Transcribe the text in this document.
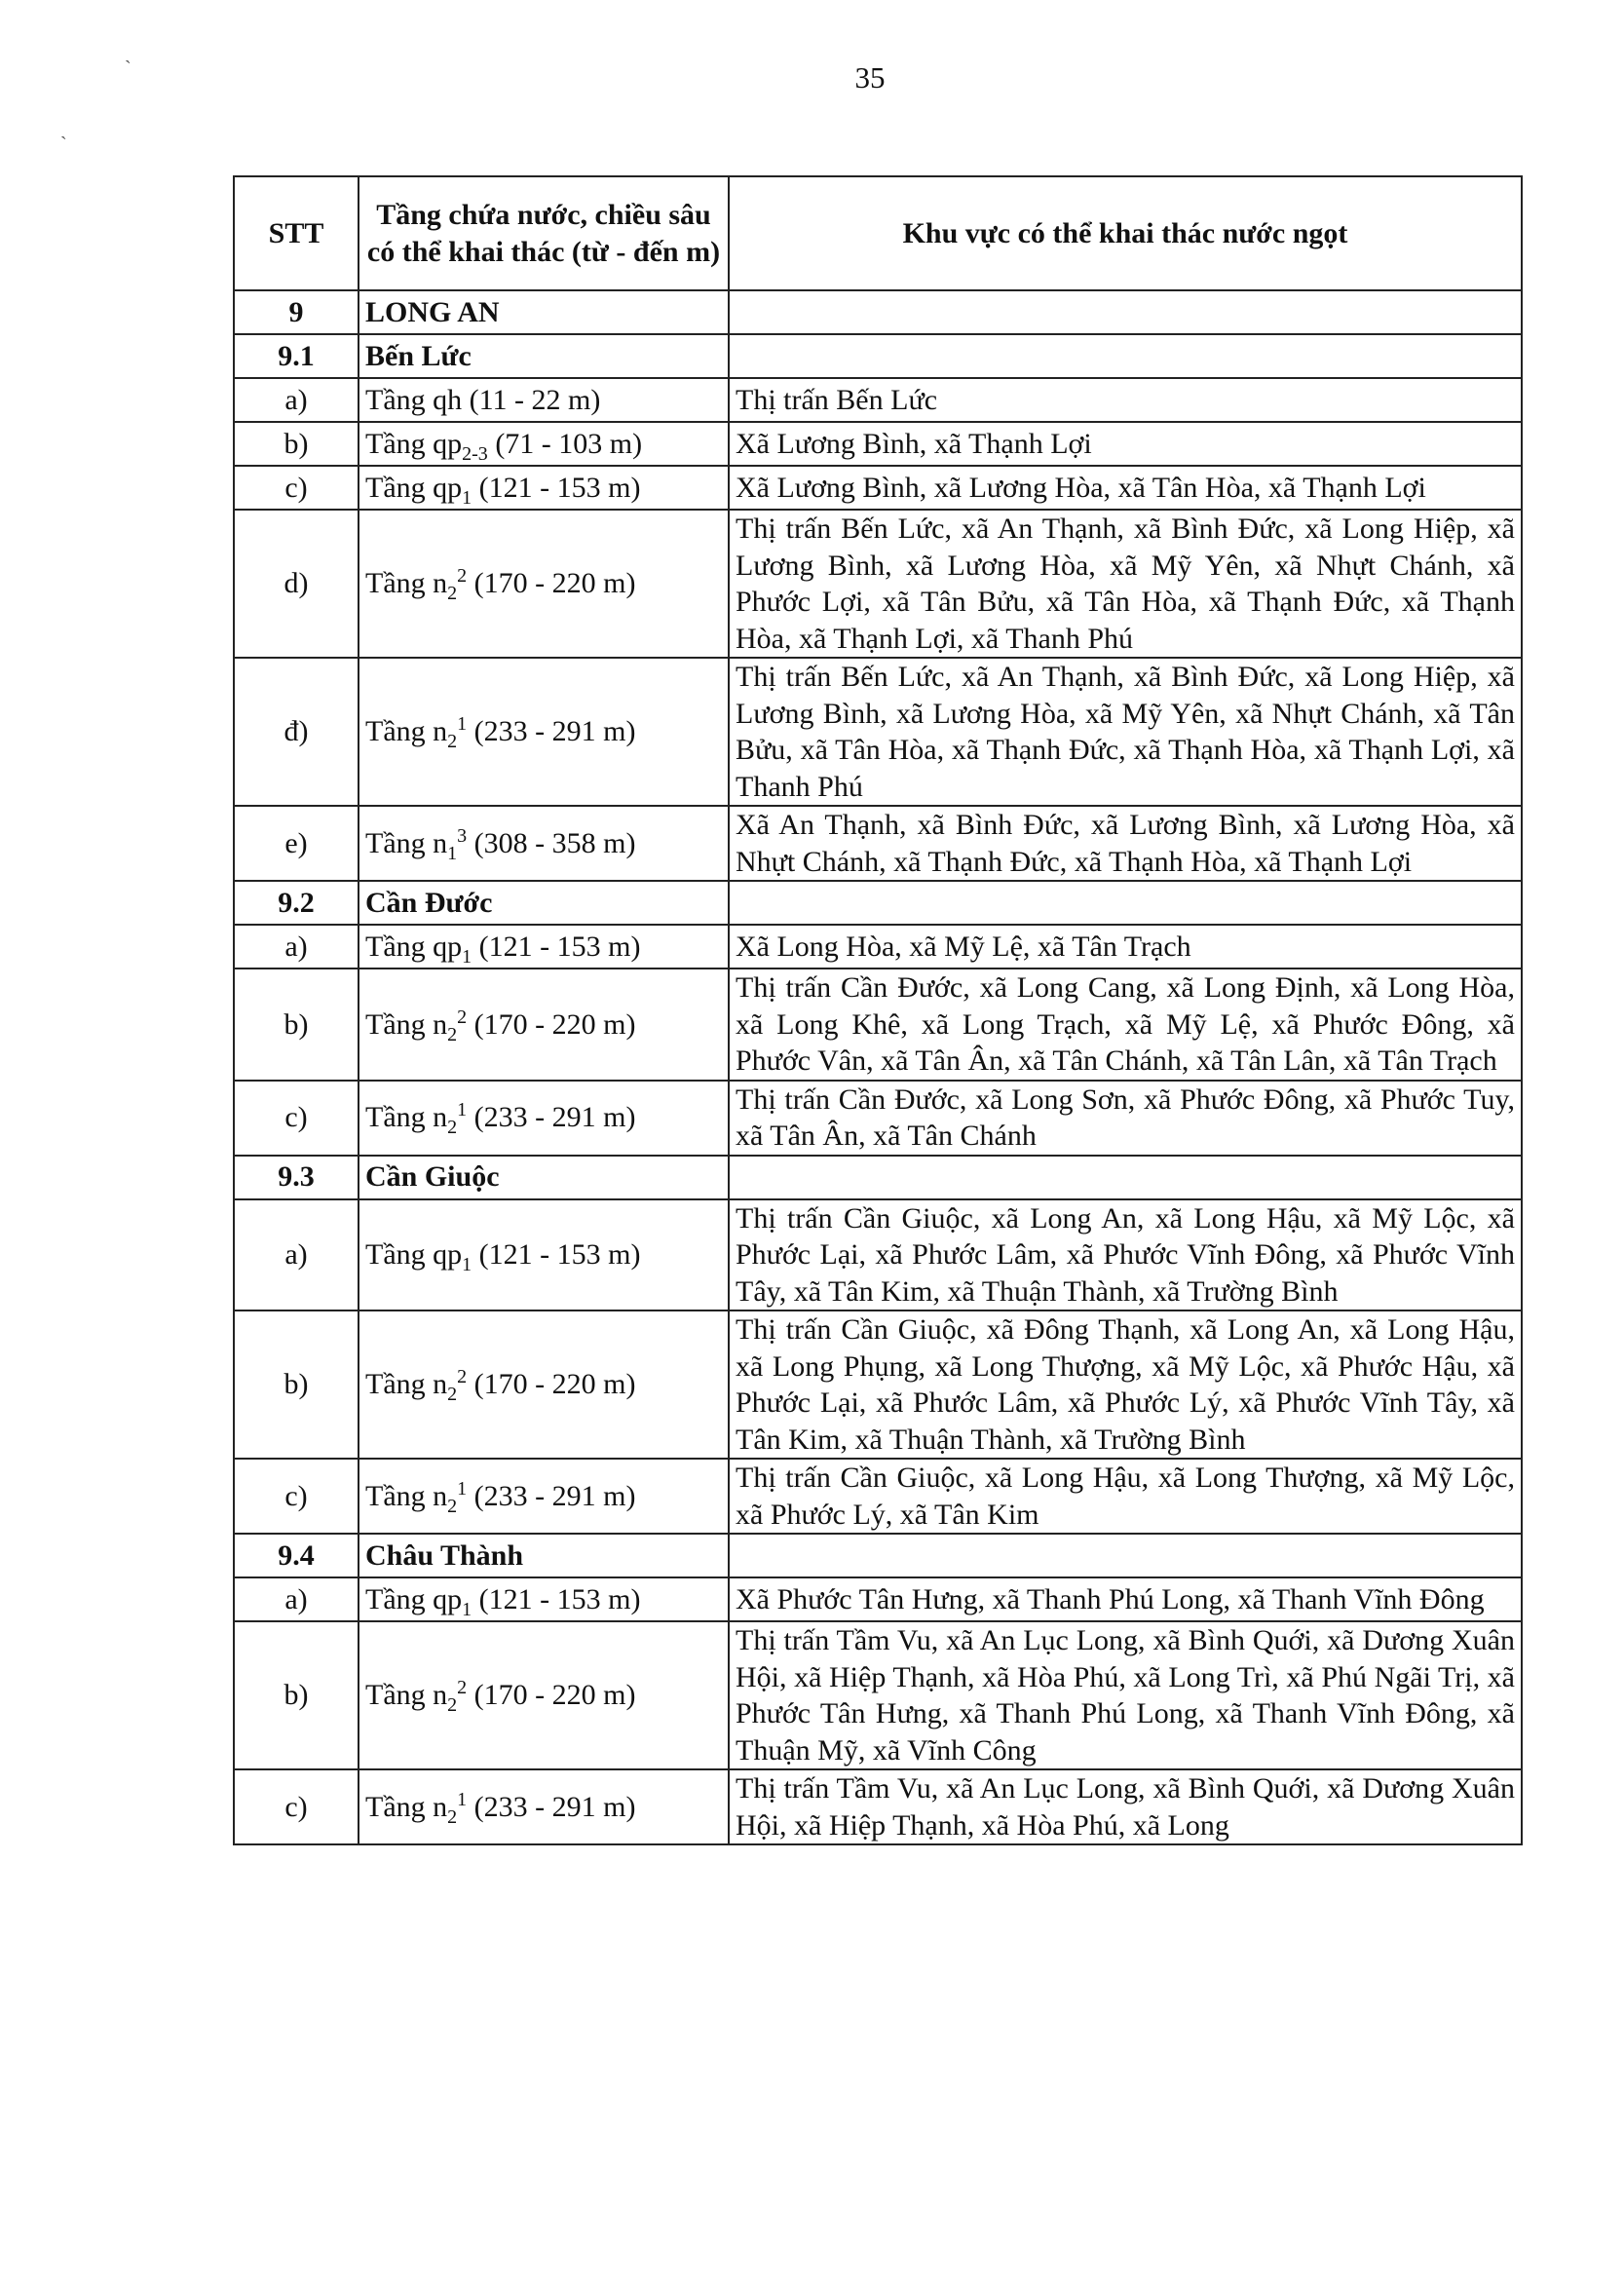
˴
˴
35
STT	Tầng chứa nước, chiều sâu có thể khai thác (từ - đến m)	Khu vực có thể khai thác nước ngọt
9	LONG AN	
9.1	Bến Lức	
a)	Tầng qh (11 - 22 m)	Thị trấn Bến Lức
b)	Tầng $qp_{2-3}$ (71 - 103 m)	Xã Lương Bình, xã Thạnh Lợi
c)	Tầng $qp_1$ (121 - 153 m)	Xã Lương Bình, xã Lương Hòa, xã Tân Hòa, xã Thạnh Lợi
d)	Tầng $n_2^2$ (170 - 220 m)	Thị trấn Bến Lức, xã An Thạnh, xã Bình Đức, xã Long Hiệp, xã Lương Bình, xã Lương Hòa, xã Mỹ Yên, xã Nhựt Chánh, xã Phước Lợi, xã Tân Bửu, xã Tân Hòa, xã Thạnh Đức, xã Thạnh Hòa, xã Thạnh Lợi, xã Thanh Phú
đ)	Tầng $n_2^1$ (233 - 291 m)	Thị trấn Bến Lức, xã An Thạnh, xã Bình Đức, xã Long Hiệp, xã Lương Bình, xã Lương Hòa, xã Mỹ Yên, xã Nhựt Chánh, xã Tân Bửu, xã Tân Hòa, xã Thạnh Đức, xã Thạnh Hòa, xã Thạnh Lợi, xã Thanh Phú
e)	Tầng $n_1^3$ (308 - 358 m)	Xã An Thạnh, xã Bình Đức, xã Lương Bình, xã Lương Hòa, xã Nhựt Chánh, xã Thạnh Đức, xã Thạnh Hòa, xã Thạnh Lợi
9.2	Cần Đước	
a)	Tầng $qp_1$ (121 - 153 m)	Xã Long Hòa, xã Mỹ Lệ, xã Tân Trạch
b)	Tầng $n_2^2$ (170 - 220 m)	Thị trấn Cần Đước, xã Long Cang, xã Long Định, xã Long Hòa, xã Long Khê, xã Long Trạch, xã Mỹ Lệ, xã Phước Đông, xã Phước Vân, xã Tân Ân, xã Tân Chánh, xã Tân Lân, xã Tân Trạch
c)	Tầng $n_2^1$ (233 - 291 m)	Thị trấn Cần Đước, xã Long Sơn, xã Phước Đông, xã Phước Tuy, xã Tân Ân, xã Tân Chánh
9.3	Cần Giuộc	
a)	Tầng $qp_1$ (121 - 153 m)	Thị trấn Cần Giuộc, xã Long An, xã Long Hậu, xã Mỹ Lộc, xã Phước Lại, xã Phước Lâm, xã Phước Vĩnh Đông, xã Phước Vĩnh Tây, xã Tân Kim, xã Thuận Thành, xã Trường Bình
b)	Tầng $n_2^2$ (170 - 220 m)	Thị trấn Cần Giuộc, xã Đông Thạnh, xã Long An, xã Long Hậu, xã Long Phụng, xã Long Thượng, xã Mỹ Lộc, xã Phước Hậu, xã Phước Lại, xã Phước Lâm, xã Phước Lý, xã Phước Vĩnh Tây, xã Tân Kim, xã Thuận Thành, xã Trường Bình
c)	Tầng $n_2^1$ (233 - 291 m)	Thị trấn Cần Giuộc, xã Long Hậu, xã Long Thượng, xã Mỹ Lộc, xã Phước Lý, xã Tân Kim
9.4	Châu Thành	
a)	Tầng $qp_1$ (121 - 153 m)	Xã Phước Tân Hưng, xã Thanh Phú Long, xã Thanh Vĩnh Đông
b)	Tầng $n_2^2$ (170 - 220 m)	Thị trấn Tầm Vu, xã An Lục Long, xã Bình Quới, xã Dương Xuân Hội, xã Hiệp Thạnh, xã Hòa Phú, xã Long Trì, xã Phú Ngãi Trị, xã Phước Tân Hưng, xã Thanh Phú Long, xã Thanh Vĩnh Đông, xã Thuận Mỹ, xã Vĩnh Công
c)	Tầng $n_2^1$ (233 - 291 m)	Thị trấn Tầm Vu, xã An Lục Long, xã Bình Quới, xã Dương Xuân Hội, xã Hiệp Thạnh, xã Hòa Phú, xã Long
